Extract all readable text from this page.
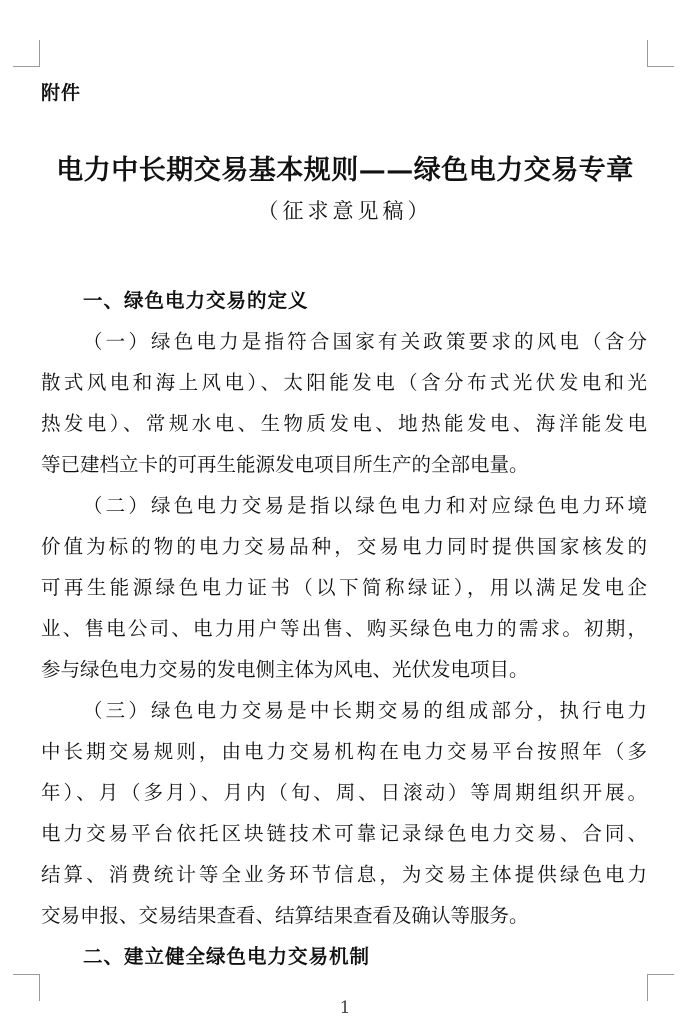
附件
电力中长期交易基本规则——绿色电力交易专章
（征求意见稿）
一、绿色电力交易的定义
（一）绿色电力是指符合国家有关政策要求的风电（含分
散式风电和海上风电）、太阳能发电（含分布式光伏发电和光
热发电）、常规水电、生物质发电、地热能发电、海洋能发电
等已建档立卡的可再生能源发电项目所生产的全部电量。
（二）绿色电力交易是指以绿色电力和对应绿色电力环境
价值为标的物的电力交易品种，交易电力同时提供国家核发的
可再生能源绿色电力证书（以下简称绿证），用以满足发电企
业、售电公司、电力用户等出售、购买绿色电力的需求。初期，
参与绿色电力交易的发电侧主体为风电、光伏发电项目。
（三）绿色电力交易是中长期交易的组成部分，执行电力
中长期交易规则，由电力交易机构在电力交易平台按照年（多
年）、月（多月）、月内（旬、周、日滚动）等周期组织开展。
电力交易平台依托区块链技术可靠记录绿色电力交易、合同、
结算、消费统计等全业务环节信息，为交易主体提供绿色电力
交易申报、交易结果查看、结算结果查看及确认等服务。
二、建立健全绿色电力交易机制
1
